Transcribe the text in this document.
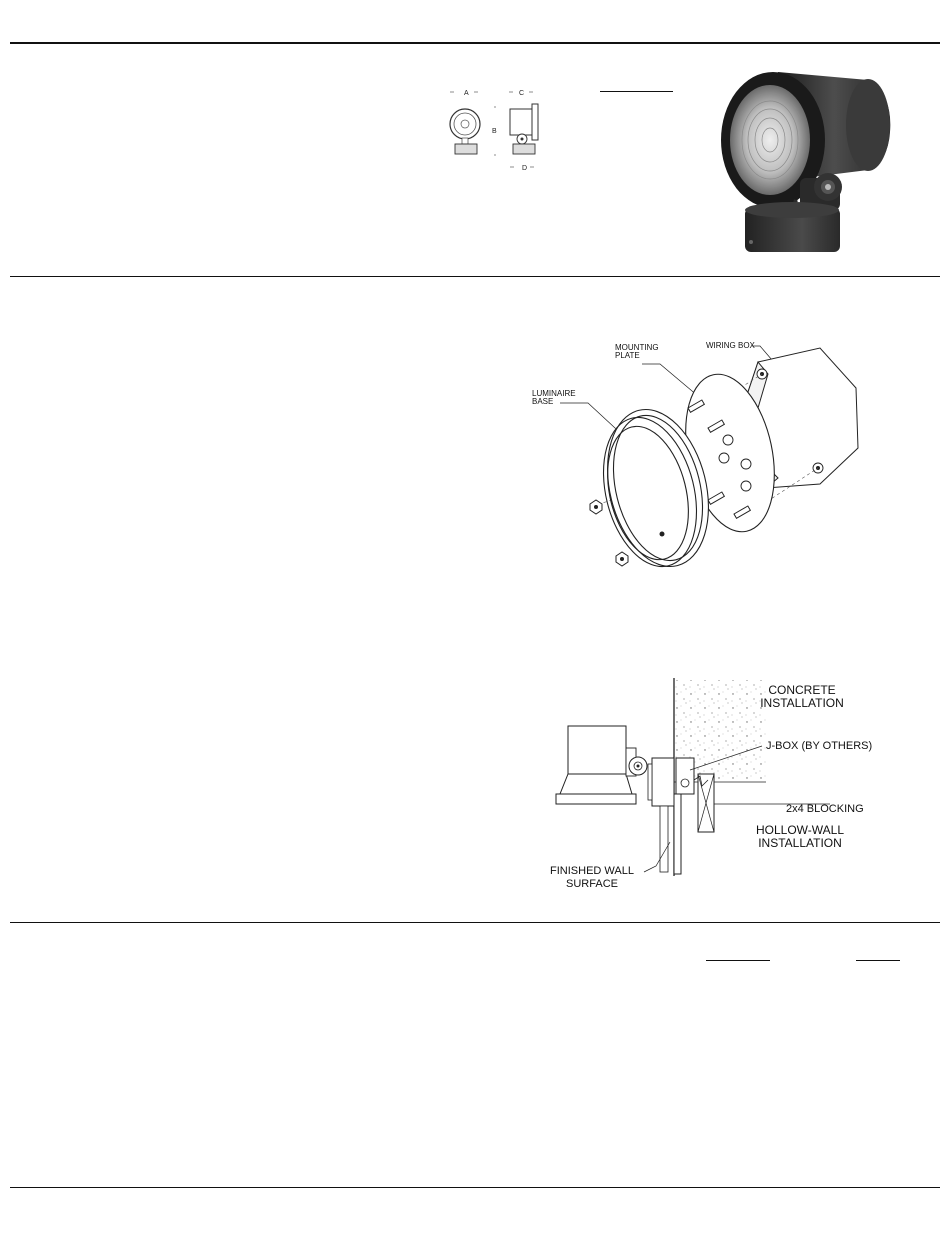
A	C
B
D
MOUNTING PLATE
WIRING BOX
LUMINAIRE BASE
CONCRETE INSTALLATION
J-BOX (BY OTHERS)
2x4 BLOCKING
HOLLOW-WALL INSTALLATION
FINISHED WALL SURFACE
